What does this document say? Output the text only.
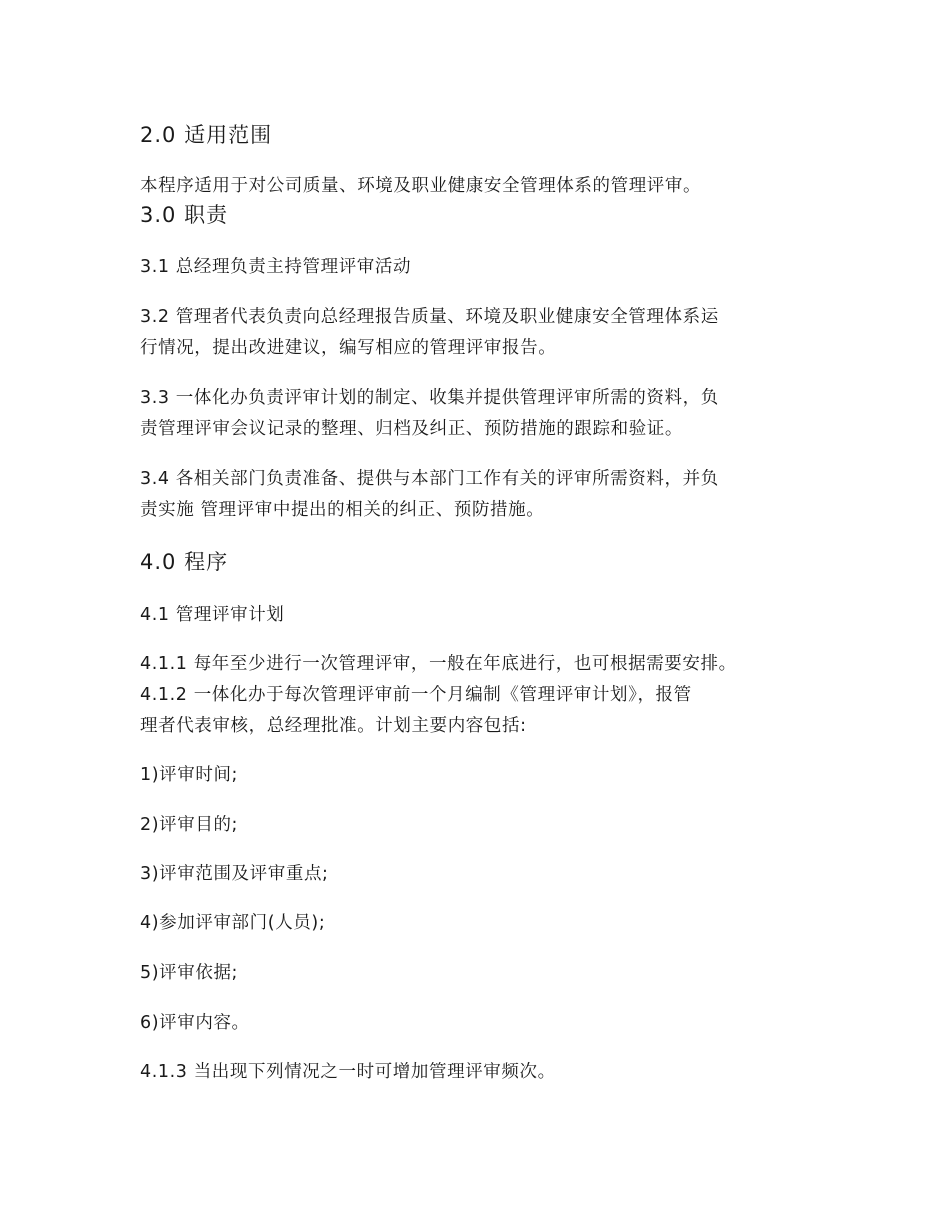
2.0 适用范围
本程序适用于对公司质量、环境及职业健康安全管理体系的管理评审。
3.0 职责
3.1 总经理负责主持管理评审活动
3.2 管理者代表负责向总经理报告质量、环境及职业健康安全管理体系运
行情况，提出改进建议，编写相应的管理评审报告。
3.3 一体化办负责评审计划的制定、收集并提供管理评审所需的资料，负
责管理评审会议记录的整理、归档及纠正、预防措施的跟踪和验证。
3.4 各相关部门负责准备、提供与本部门工作有关的评审所需资料，并负
责实施 管理评审中提出的相关的纠正、预防措施。
4.0 程序
4.1 管理评审计划
4.1.1 每年至少进行一次管理评审，一般在年底进行，也可根据需要安排。
4.1.2 一体化办于每次管理评审前一个月编制《管理评审计划》，报管
理者代表审核，总经理批准。计划主要内容包括:
1)评审时间;
2)评审目的;
3)评审范围及评审重点;
4)参加评审部门(人员);
5)评审依据;
6)评审内容。
4.1.3 当出现下列情况之一时可增加管理评审频次。
